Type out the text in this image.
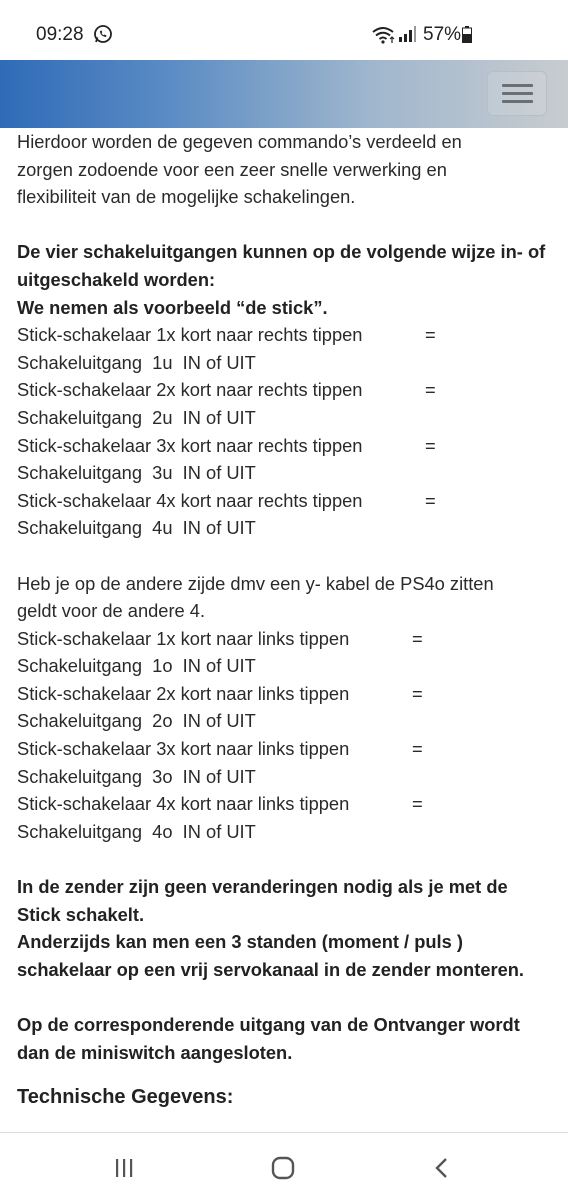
09:28	57%
Hierdoor worden de gegeven commando’s verdeeld en
zorgen zodoende voor een zeer snelle verwerking en
flexibiliteit van de mogelijke schakelingen.
De vier schakeluitgangen kunnen op de volgende wijze in- of
uitgeschakeld worden:
We nemen als voorbeeld “de stick”.
Stick-schakelaar 1x kort naar rechts tippen	=
Schakeluitgang  1u  IN of UIT
Stick-schakelaar 2x kort naar rechts tippen	=
Schakeluitgang  2u  IN of UIT
Stick-schakelaar 3x kort naar rechts tippen	=
Schakeluitgang  3u  IN of UIT
Stick-schakelaar 4x kort naar rechts tippen	=
Schakeluitgang  4u  IN of UIT
Heb je op de andere zijde dmv een y- kabel de PS4o zitten
geldt voor de andere 4.
Stick-schakelaar 1x kort naar links tippen	=
Schakeluitgang  1o  IN of UIT
Stick-schakelaar 2x kort naar links tippen	=
Schakeluitgang  2o  IN of UIT
Stick-schakelaar 3x kort naar links tippen	=
Schakeluitgang  3o  IN of UIT
Stick-schakelaar 4x kort naar links tippen	=
Schakeluitgang  4o  IN of UIT
In de zender zijn geen veranderingen nodig als je met de
Stick schakelt.
Anderzijds kan men een 3 standen (moment / puls )
schakelaar op een vrij servokanaal in de zender monteren.
Op de corresponderende uitgang van de Ontvanger wordt
dan de miniswitch aangesloten.
Technische Gegevens:
